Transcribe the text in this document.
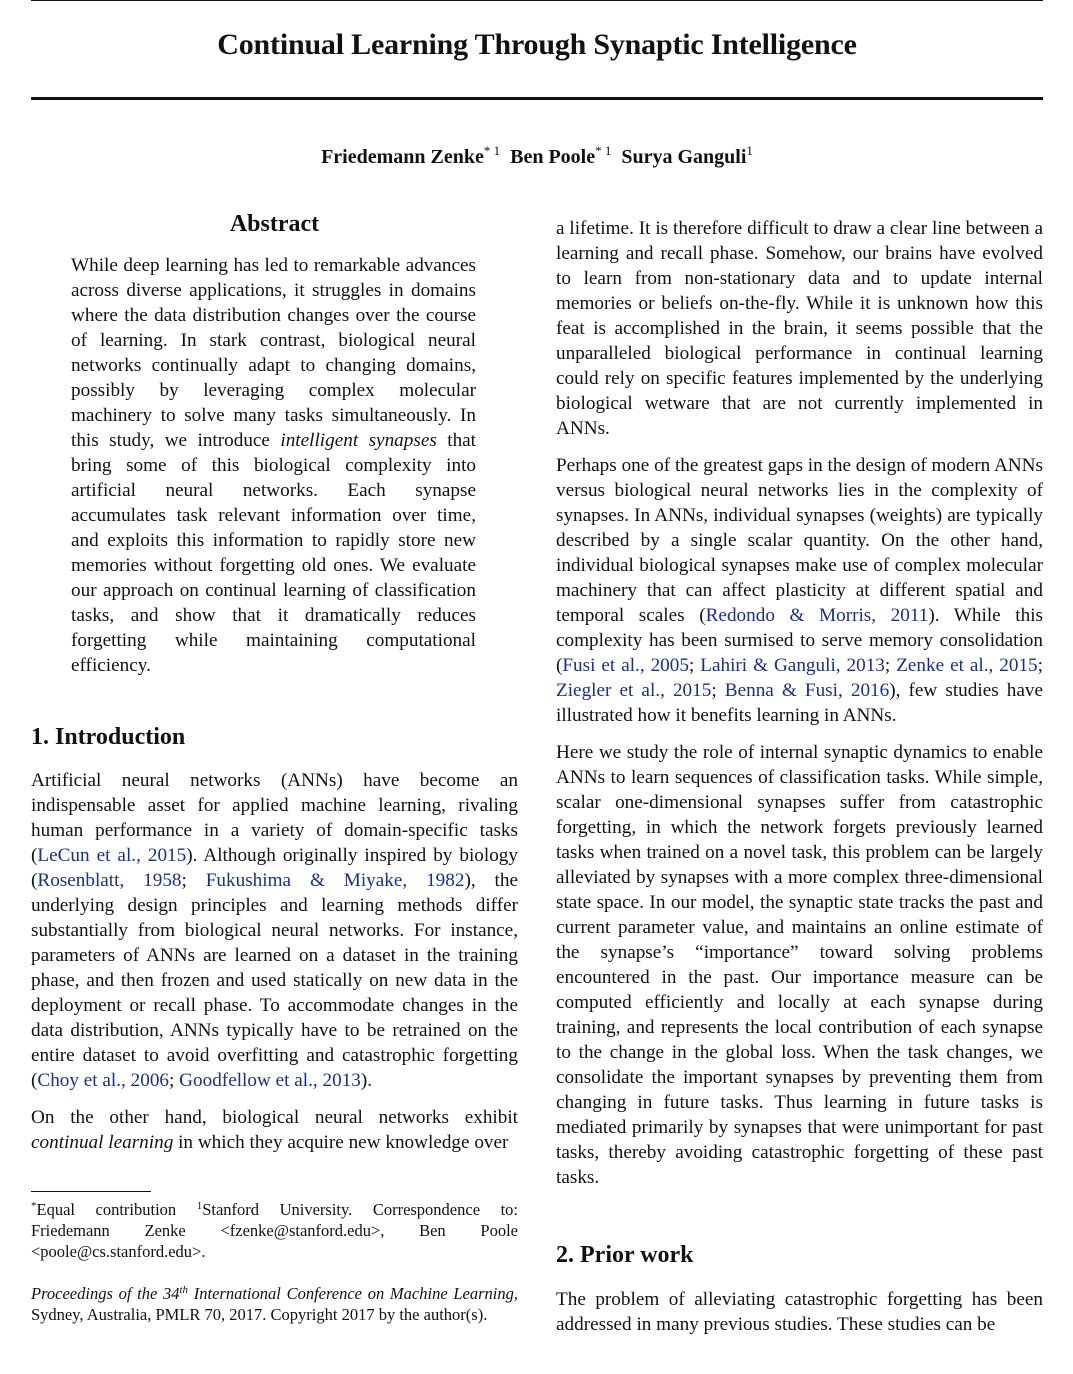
Continual Learning Through Synaptic Intelligence
Friedemann Zenke$^{* 1}$ Ben Poole$^{* 1}$ Surya Ganguli$^1$
Abstract
While deep learning has led to remarkable advances across diverse applications, it struggles in domains where the data distribution changes over the course of learning. In stark contrast, biological neural networks continually adapt to changing domains, possibly by leveraging complex molecular machinery to solve many tasks simultaneously. In this study, we introduce intelligent synapses that bring some of this biological complexity into artificial neural networks. Each synapse accumulates task relevant information over time, and exploits this information to rapidly store new memories without forgetting old ones. We evaluate our approach on continual learning of classification tasks, and show that it dramatically reduces forgetting while maintaining computational efficiency.
1. Introduction

Artificial neural networks (ANNs) have become an indispensable asset for applied machine learning, rivaling human performance in a variety of domain-specific tasks (LeCun et al., 2015). Although originally inspired by biology (Rosenblatt, 1958; Fukushima & Miyake, 1982), the underlying design principles and learning methods differ substantially from biological neural networks. For instance, parameters of ANNs are learned on a dataset in the training phase, and then frozen and used statically on new data in the deployment or recall phase. To accommodate changes in the data distribution, ANNs typically have to be retrained on the entire dataset to avoid overfitting and catastrophic forgetting (Choy et al., 2006; Goodfellow et al., 2013).

On the other hand, biological neural networks exhibit continual learning in which they acquire new knowledge over

*Equal contribution $^1$Stanford University. Correspondence to: Friedemann Zenke <fzenke@stanford.edu>, Ben Poole <poole@cs.stanford.edu>.
Proceedings of the 34th International Conference on Machine Learning, Sydney, Australia, PMLR 70, 2017. Copyright 2017 by the author(s).

a lifetime. It is therefore difficult to draw a clear line between a learning and recall phase. Somehow, our brains have evolved to learn from non-stationary data and to update internal memories or beliefs on-the-fly. While it is unknown how this feat is accomplished in the brain, it seems possible that the unparalleled biological performance in continual learning could rely on specific features implemented by the underlying biological wetware that are not currently implemented in ANNs.

Perhaps one of the greatest gaps in the design of modern ANNs versus biological neural networks lies in the complexity of synapses. In ANNs, individual synapses (weights) are typically described by a single scalar quantity. On the other hand, individual biological synapses make use of complex molecular machinery that can affect plasticity at different spatial and temporal scales (Redondo & Morris, 2011). While this complexity has been surmised to serve memory consolidation (Fusi et al., 2005; Lahiri & Ganguli, 2013; Zenke et al., 2015; Ziegler et al., 2015; Benna & Fusi, 2016), few studies have illustrated how it benefits learning in ANNs.

Here we study the role of internal synaptic dynamics to enable ANNs to learn sequences of classification tasks. While simple, scalar one-dimensional synapses suffer from catastrophic forgetting, in which the network forgets previously learned tasks when trained on a novel task, this problem can be largely alleviated by synapses with a more complex three-dimensional state space. In our model, the synaptic state tracks the past and current parameter value, and maintains an online estimate of the synapse’s “importance” toward solving problems encountered in the past. Our importance measure can be computed efficiently and locally at each synapse during training, and represents the local contribution of each synapse to the change in the global loss. When the task changes, we consolidate the important synapses by preventing them from changing in future tasks. Thus learning in future tasks is mediated primarily by synapses that were unimportant for past tasks, thereby avoiding catastrophic forgetting of these past tasks.

2. Prior work

The problem of alleviating catastrophic forgetting has been addressed in many previous studies. These studies can be
